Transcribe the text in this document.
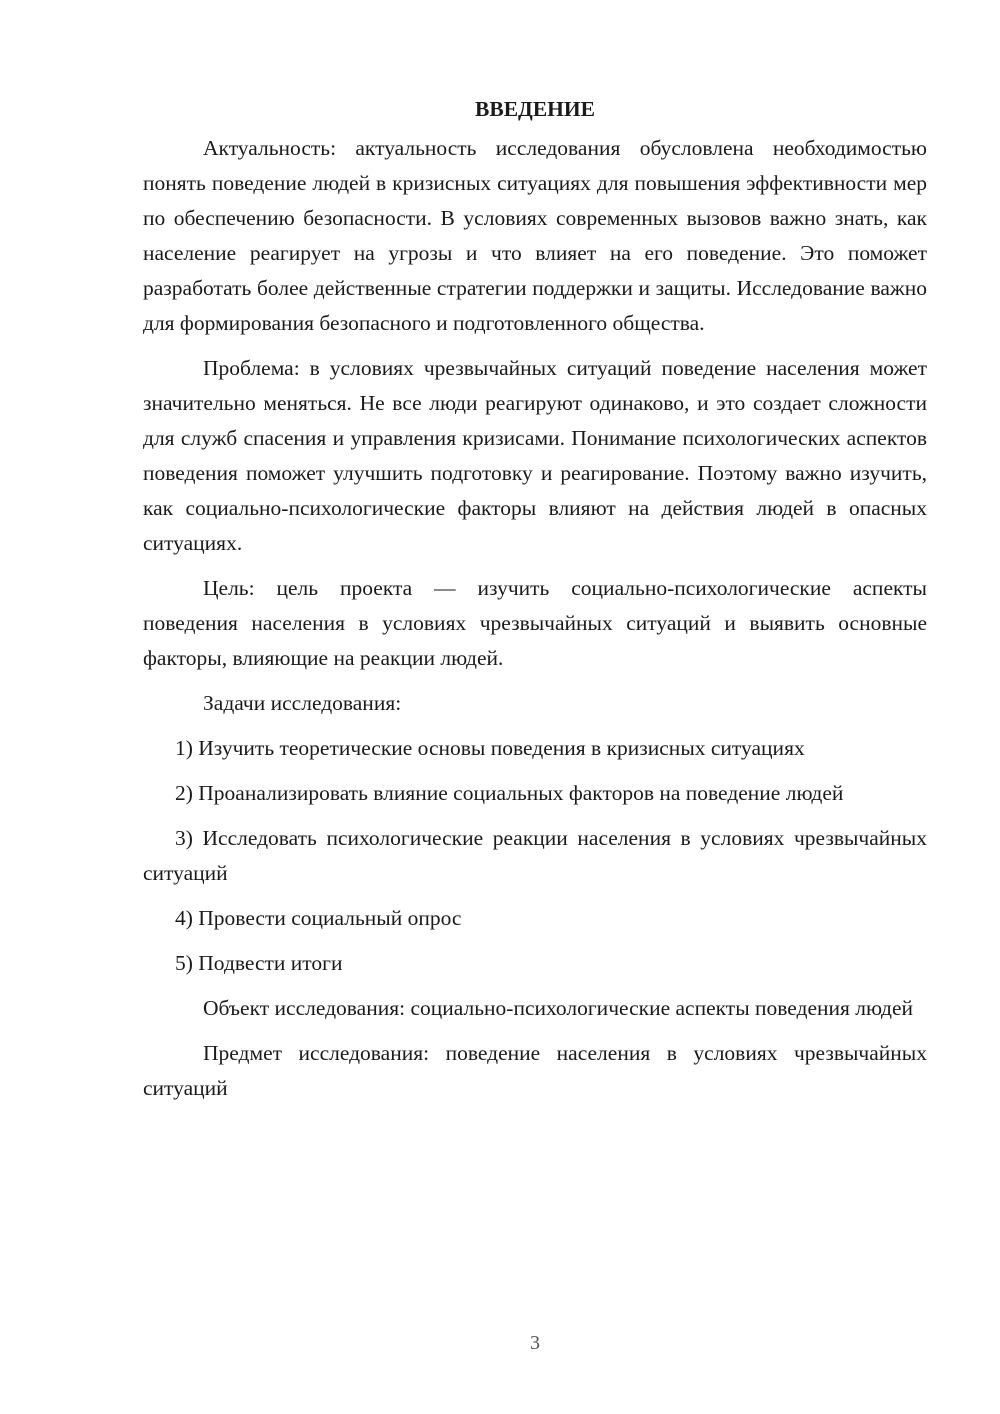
ВВЕДЕНИЕ

Актуальность: актуальность исследования обусловлена необходимостью понять поведение людей в кризисных ситуациях для повышения эффективности мер по обеспечению безопасности. В условиях современных вызовов важно знать, как население реагирует на угрозы и что влияет на его поведение. Это поможет разработать более действенные стратегии поддержки и защиты. Исследование важно для формирования безопасного и подготовленного общества.

Проблема: в условиях чрезвычайных ситуаций поведение населения может значительно меняться. Не все люди реагируют одинаково, и это создает сложности для служб спасения и управления кризисами. Понимание психологических аспектов поведения поможет улучшить подготовку и реагирование. Поэтому важно изучить, как социально-психологические факторы влияют на действия людей в опасных ситуациях.

Цель: цель проекта — изучить социально-психологические аспекты поведения населения в условиях чрезвычайных ситуаций и выявить основные факторы, влияющие на реакции людей.

Задачи исследования:

1) Изучить теоретические основы поведения в кризисных ситуациях

2) Проанализировать влияние социальных факторов на поведение людей

3) Исследовать психологические реакции населения в условиях чрезвычайных ситуаций

4) Провести социальный опрос

5) Подвести итоги

Объект исследования: социально-психологические аспекты поведения людей

Предмет исследования: поведение населения в условиях чрезвычайных ситуаций

3
